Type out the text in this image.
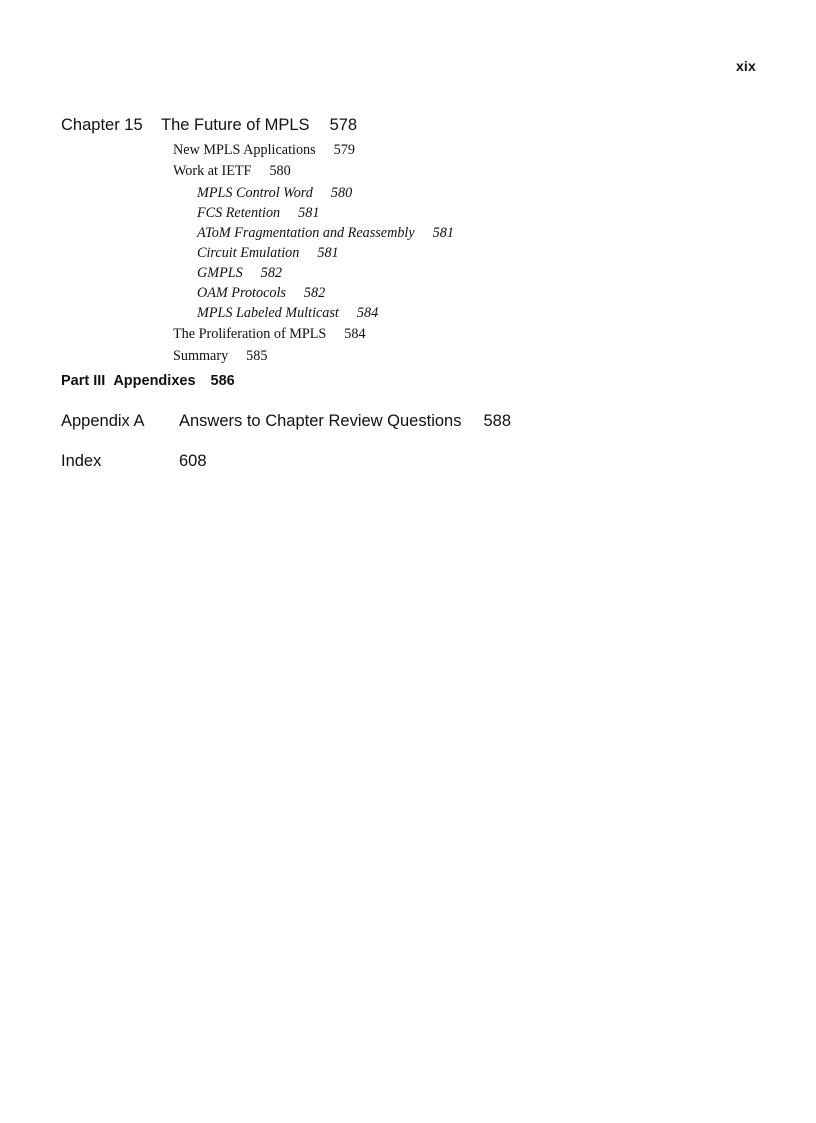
xix
Chapter 15 The Future of MPLS 578
New MPLS Applications 579
Work at IETF 580
MPLS Control Word 580
FCS Retention 581
AToM Fragmentation and Reassembly 581
Circuit Emulation 581
GMPLS 582
OAM Protocols 582
MPLS Labeled Multicast 584
The Proliferation of MPLS 584
Summary 585
Part III Appendixes 586
Appendix A Answers to Chapter Review Questions 588
Index	608
